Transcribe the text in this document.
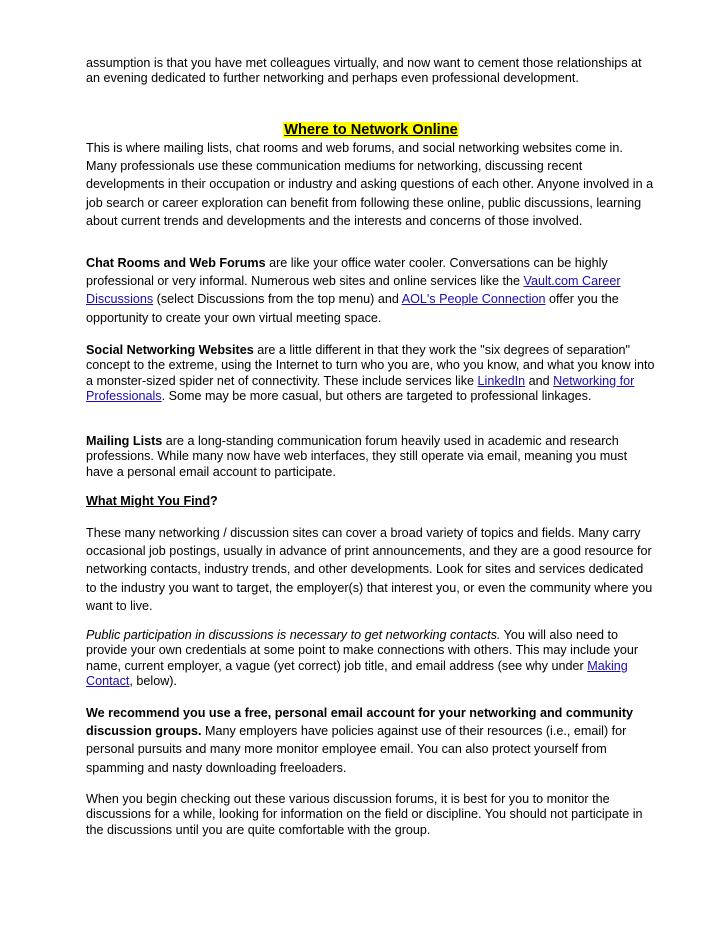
assumption is that you have met colleagues virtually, and now want to cement those relationships at an evening dedicated to further networking and perhaps even professional development.

Where to Network Online

This is where mailing lists, chat rooms and web forums, and social networking websites come in. Many professionals use these communication mediums for networking, discussing recent developments in their occupation or industry and asking questions of each other. Anyone involved in a job search or career exploration can benefit from following these online, public discussions, learning about current trends and developments and the interests and concerns of those involved.

Chat Rooms and Web Forums are like your office water cooler. Conversations can be highly professional or very informal. Numerous web sites and online services like the Vault.com Career Discussions (select Discussions from the top menu) and AOL's People Connection offer you the opportunity to create your own virtual meeting space.

Social Networking Websites are a little different in that they work the "six degrees of separation" concept to the extreme, using the Internet to turn who you are, who you know, and what you know into a monster-sized spider net of connectivity. These include services like LinkedIn and Networking for Professionals. Some may be more casual, but others are targeted to professional linkages.

Mailing Lists are a long-standing communication forum heavily used in academic and research professions. While many now have web interfaces, they still operate via email, meaning you must have a personal email account to participate.

What Might You Find?

These many networking / discussion sites can cover a broad variety of topics and fields. Many carry occasional job postings, usually in advance of print announcements, and they are a good resource for networking contacts, industry trends, and other developments. Look for sites and services dedicated to the industry you want to target, the employer(s) that interest you, or even the community where you want to live.

Public participation in discussions is necessary to get networking contacts. You will also need to provide your own credentials at some point to make connections with others. This may include your name, current employer, a vague (yet correct) job title, and email address (see why under Making Contact, below).

We recommend you use a free, personal email account for your networking and community discussion groups. Many employers have policies against use of their resources (i.e., email) for personal pursuits and many more monitor employee email. You can also protect yourself from spamming and nasty downloading freeloaders.

When you begin checking out these various discussion forums, it is best for you to monitor the discussions for a while, looking for information on the field or discipline. You should not participate in the discussions until you are quite comfortable with the group.
